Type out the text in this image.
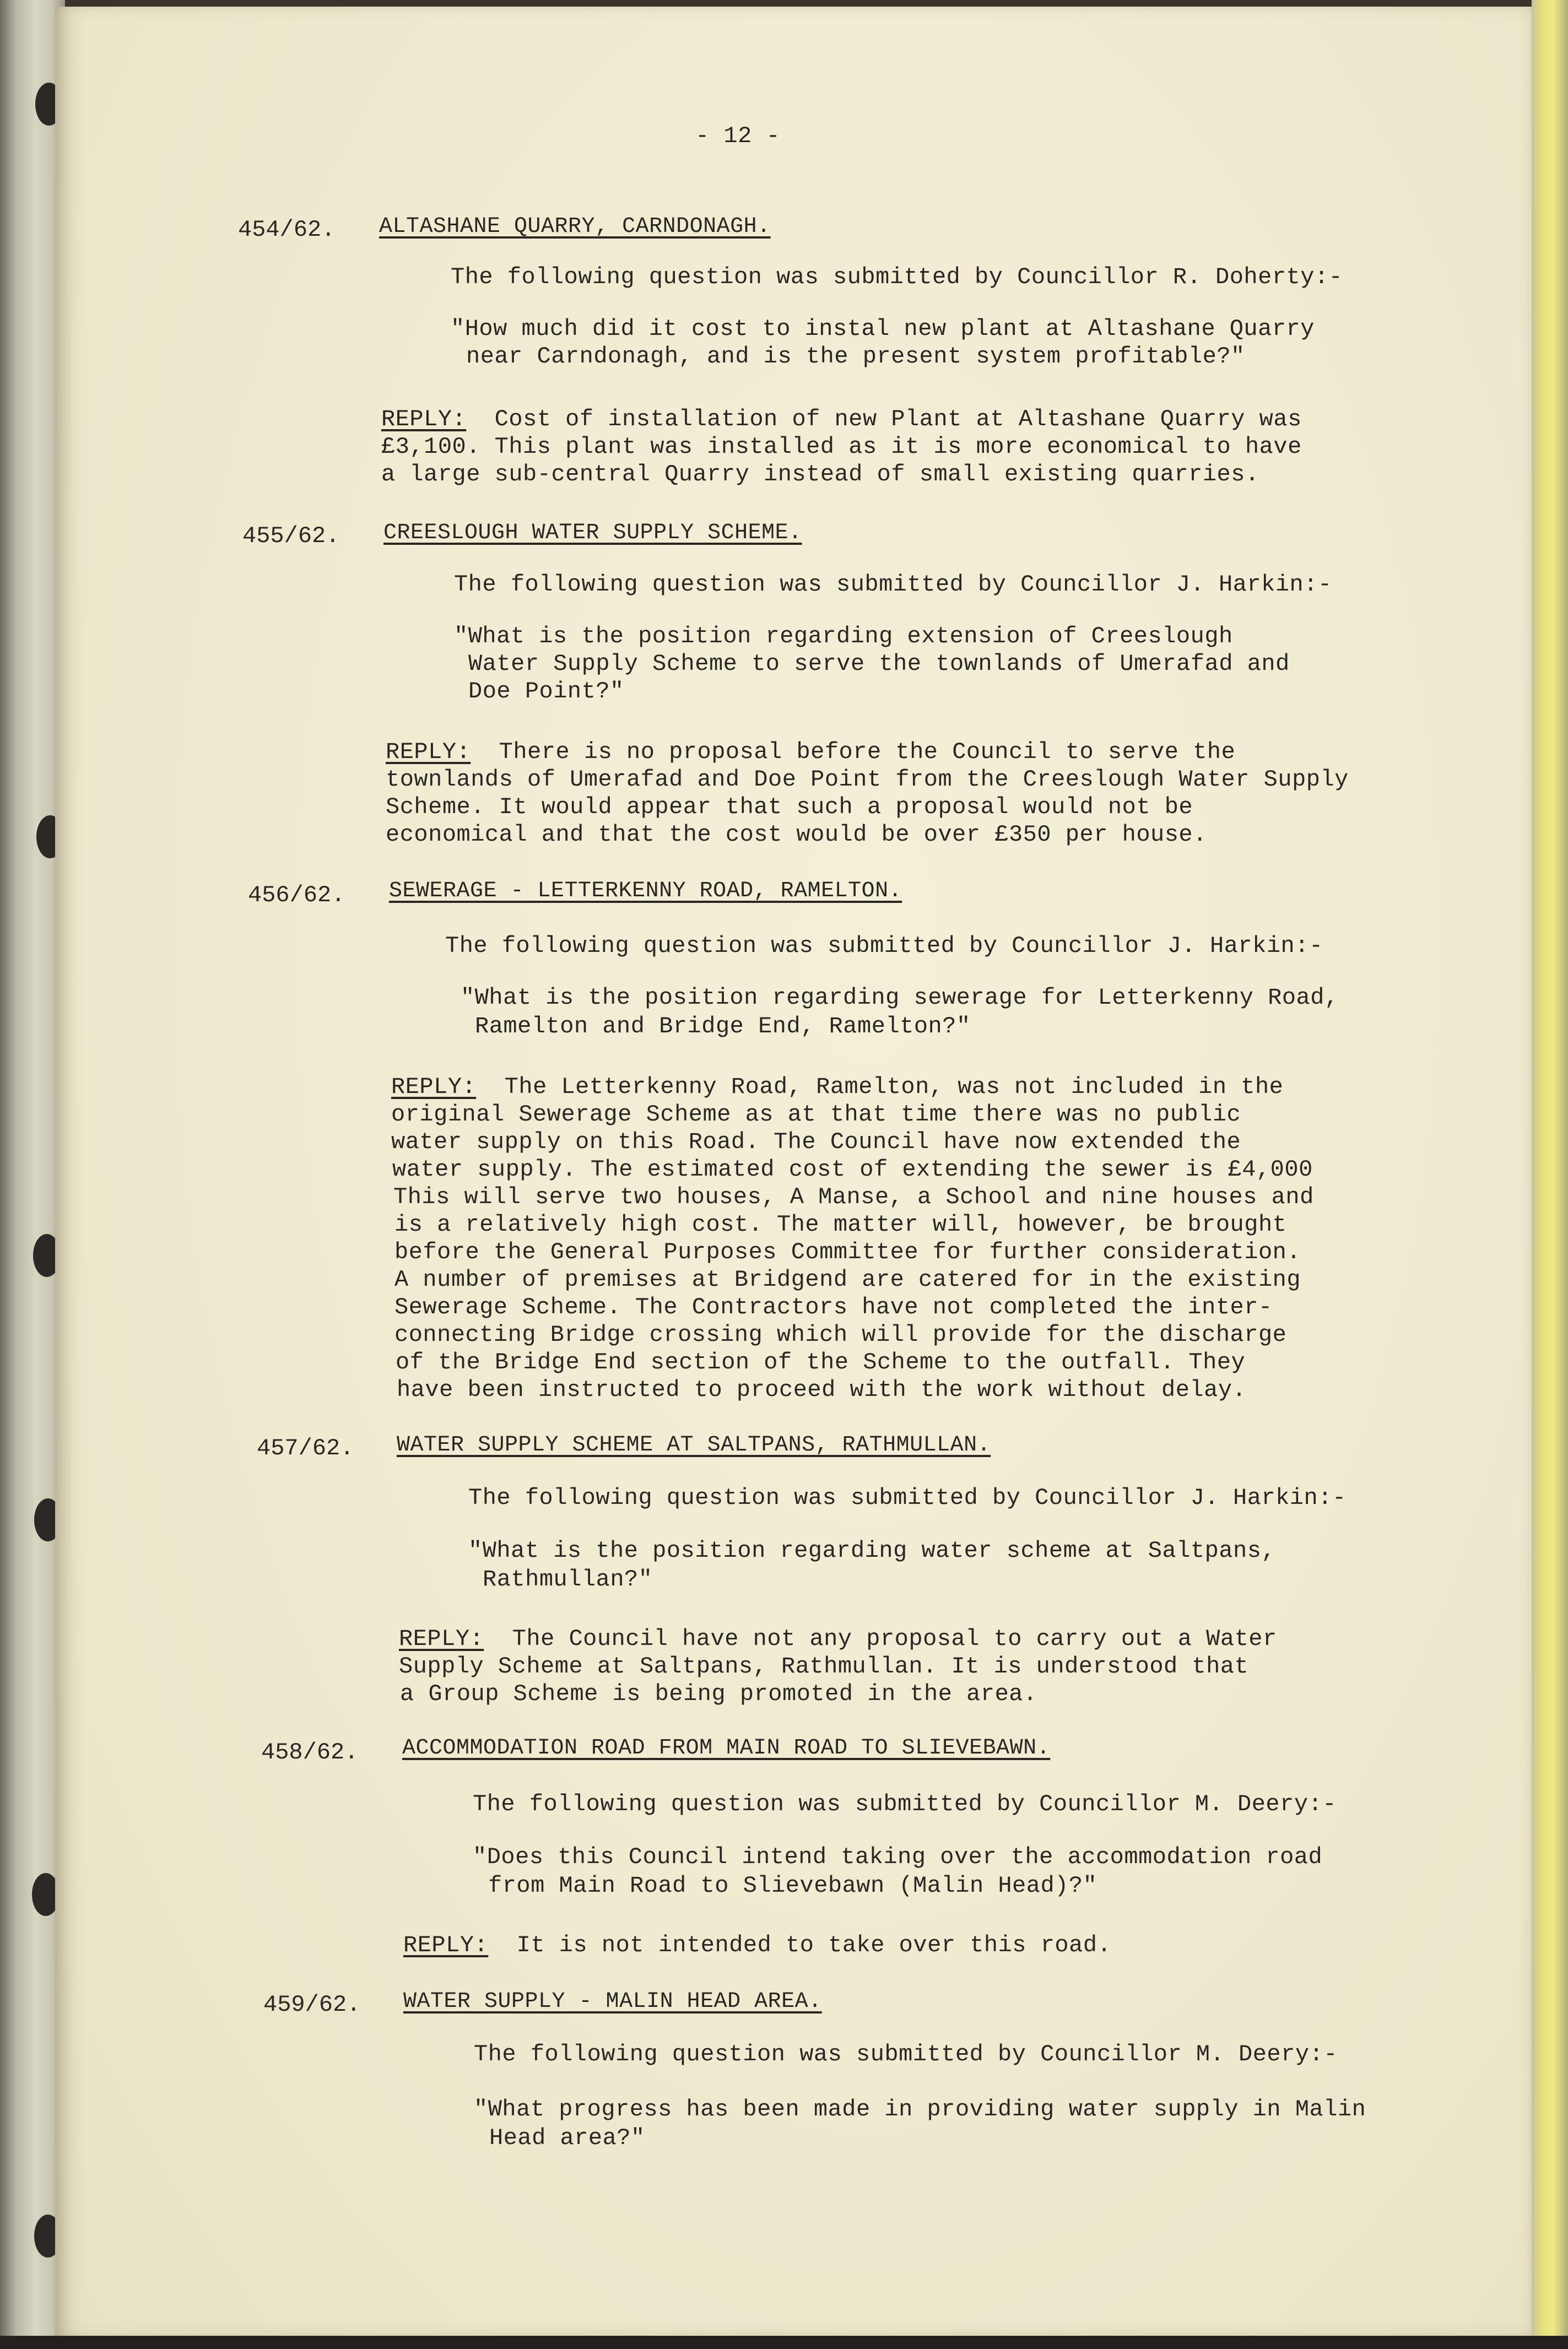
- 12 -
454/62. ALTASHANE QUARRY, CARNDONAGH.
The following question was submitted by Councillor R. Doherty:-
"How much did it cost to instal new plant at Altashane Quarry
near Carndonagh, and is the present system profitable?"
REPLY: Cost of installation of new Plant at Altashane Quarry was
£3,100. This plant was installed as it is more economical to have
a large sub-central Quarry instead of small existing quarries.
455/62. CREESLOUGH WATER SUPPLY SCHEME.
The following question was submitted by Councillor J. Harkin:-
"What is the position regarding extension of Creeslough
Water Supply Scheme to serve the townlands of Umerafad and
Doe Point?"
REPLY: There is no proposal before the Council to serve the
townlands of Umerafad and Doe Point from the Creeslough Water Supply
Scheme. It would appear that such a proposal would not be
economical and that the cost would be over £350 per house.
456/62. SEWERAGE - LETTERKENNY ROAD, RAMELTON.
The following question was submitted by Councillor J. Harkin:-
"What is the position regarding sewerage for Letterkenny Road,
Ramelton and Bridge End, Ramelton?"
REPLY: The Letterkenny Road, Ramelton, was not included in the
original Sewerage Scheme as at that time there was no public
water supply on this Road. The Council have now extended the
water supply. The estimated cost of extending the sewer is £4,000
This will serve two houses, A Manse, a School and nine houses and
is a relatively high cost. The matter will, however, be brought
before the General Purposes Committee for further consideration.
A number of premises at Bridgend are catered for in the existing
Sewerage Scheme. The Contractors have not completed the inter-
connecting Bridge crossing which will provide for the discharge
of the Bridge End section of the Scheme to the outfall. They
have been instructed to proceed with the work without delay.
457/62. WATER SUPPLY SCHEME AT SALTPANS, RATHMULLAN.
The following question was submitted by Councillor J. Harkin:-
"What is the position regarding water scheme at Saltpans,
Rathmullan?"
REPLY: The Council have not any proposal to carry out a Water
Supply Scheme at Saltpans, Rathmullan. It is understood that
a Group Scheme is being promoted in the area.
458/62. ACCOMMODATION ROAD FROM MAIN ROAD TO SLIEVEBAWN.
The following question was submitted by Councillor M. Deery:-
"Does this Council intend taking over the accommodation road
from Main Road to Slievebawn (Malin Head)?"
REPLY: It is not intended to take over this road.
459/62. WATER SUPPLY - MALIN HEAD AREA.
The following question was submitted by Councillor M. Deery:-
"What progress has been made in providing water supply in Malin
Head area?"
